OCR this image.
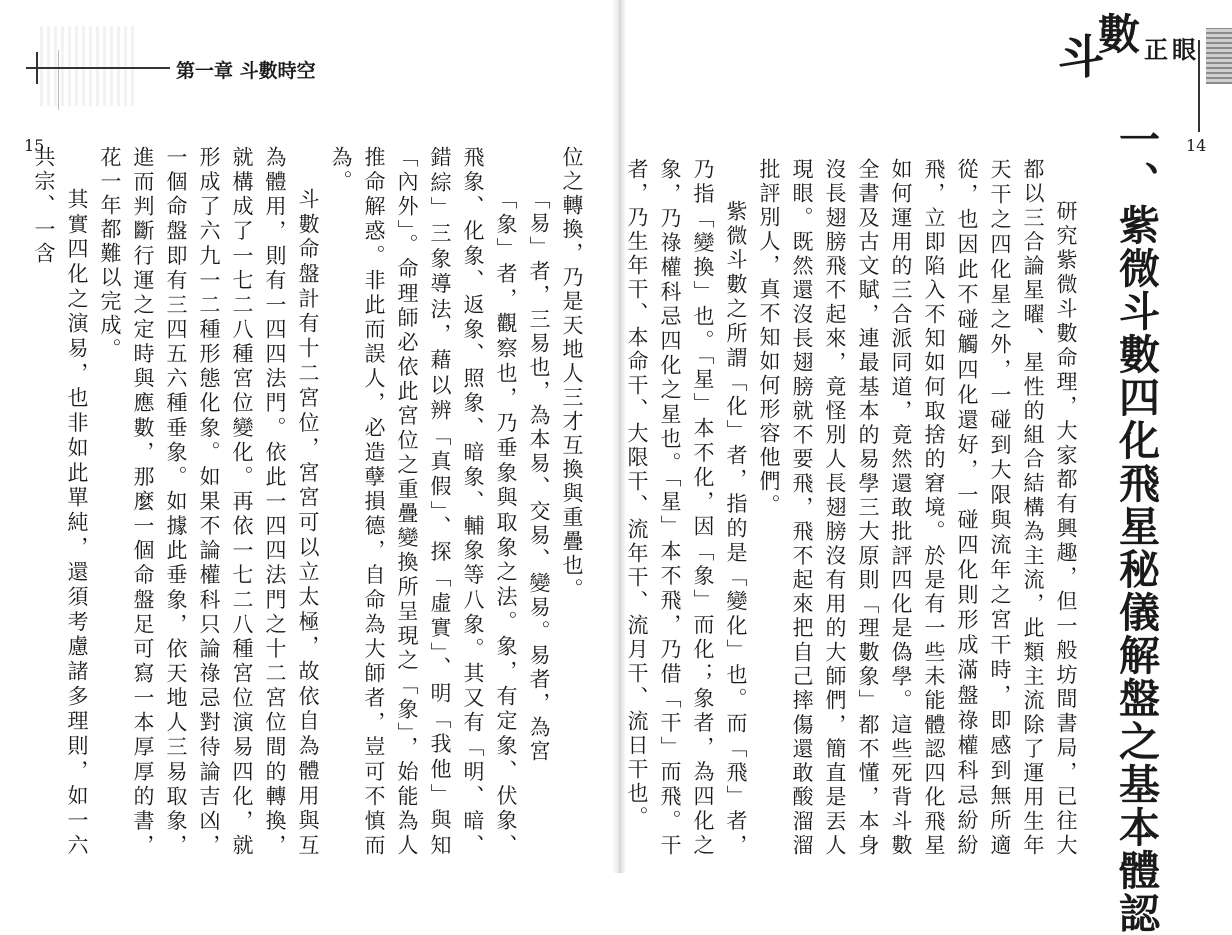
第一章 斗數時空	斗
數 正 眼
15	14
一、紫微斗數四化飛星秘儀解盤之基本體認

研究紫微斗數命理，大家都有興趣，但一般坊間書局，已往大都以三合論星曜、星性的組合結構為主流，此類主流除了運用生年天干之四化星之外，一碰到大限與流年之宮干時，即感到無所適從，也因此不碰觸四化還好，一碰四化則形成滿盤祿權科忌紛紛飛，立即陷入不知如何取捨的窘境。於是有一些未能體認四化飛星如何運用的三合派同道，竟然還敢批評四化是偽學。這些死背斗數全書及古文賦，連最基本的易學三大原則「理數象」都不懂，本身沒長翅膀飛不起來，竟怪別人長翅膀沒有用的大師們，簡直是丟人現眼。既然還沒長翅膀就不要飛，飛不起來把自己摔傷還敢酸溜溜批評別人，真不知如何形容他們。

紫微斗數之所謂「化」者，指的是「變化」也。而「飛」者，乃指「變換」也。「星」本不化，因「象」而化；象者，為四化之象，乃祿權科忌四化之星也。「星」本不飛，乃借「干」而飛。干者，乃生年干、本命干、大限干、流年干、流月干、流日干也。

位之轉換，乃是天地人三才互換與重疊也。

「易」者，三易也，為本易、交易、變易。易者，為宮

「象」者，觀察也，乃垂象與取象之法。象，有定象、伏象、飛象、化象、返象、照象、暗象、輔象等八象。其又有「明、暗、錯綜」三象導法，藉以辨「真假」、探「虛實」、明「我他」與知「內外」。命理師必依此宮位之重疊變換所呈現之「象」，始能為人推命解惑。非此而誤人，必造孽損德，自命為大師者，豈可不慎而為。

斗數命盤計有十二宮位，宮宮可以立太極，故依自為體用與互為體用，則有一四四法門。依此一四四法門之十二宮位間的轉換，就構成了一七二八種宮位變化。再依一七二八種宮位演易四化，就形成了六九一二種形態化象。如果不論權科只論祿忌對待論吉凶，一個命盤即有三四五六種垂象。如據此垂象，依天地人三易取象，進而判斷行運之定時與應數，那麼一個命盤足可寫一本厚厚的書，花一年都難以完成。

其實四化之演易，也非如此單純，還須考慮諸多理則，如一六共宗、一含
